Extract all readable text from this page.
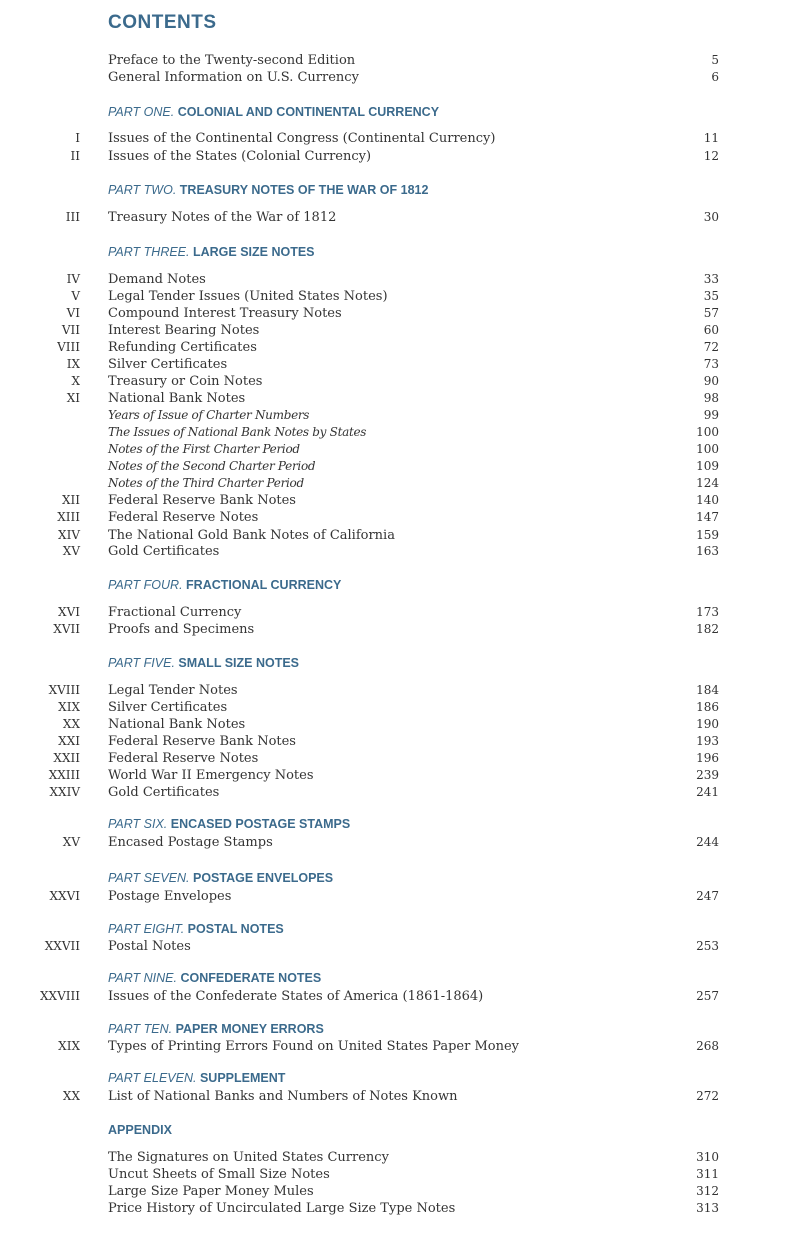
CONTENTS
Preface to the Twenty-second Edition	5
General Information on U.S. Currency	6
PART ONE. COLONIAL AND CONTINENTAL CURRENCY
I Issues of the Continental Congress (Continental Currency)	11
II Issues of the States (Colonial Currency)	12
PART TWO. TREASURY NOTES OF THE WAR OF 1812
III Treasury Notes of the War of 1812	30
PART THREE. LARGE SIZE NOTES
IV Demand Notes	33
V Legal Tender Issues (United States Notes)	35
VI Compound Interest Treasury Notes	57
VII Interest Bearing Notes	60
VIII Refunding Certificates	72
IX Silver Certificates	73
X Treasury or Coin Notes	90
XI National Bank Notes	98
Years of Issue of Charter Numbers	99
The Issues of National Bank Notes by States	100
Notes of the First Charter Period	100
Notes of the Second Charter Period	109
Notes of the Third Charter Period	124
XII Federal Reserve Bank Notes	140
XIII Federal Reserve Notes	147
XIV The National Gold Bank Notes of California	159
XV Gold Certificates	163
PART FOUR. FRACTIONAL CURRENCY
XVI Fractional Currency	173
XVII Proofs and Specimens	182
PART FIVE. SMALL SIZE NOTES
XVIII Legal Tender Notes	184
XIX Silver Certificates	186
XX National Bank Notes	190
XXI Federal Reserve Bank Notes	193
XXII Federal Reserve Notes	196
XXIII World War II Emergency Notes	239
XXIV Gold Certificates	241
PART SIX. ENCASED POSTAGE STAMPS
XV Encased Postage Stamps	244
PART SEVEN. POSTAGE ENVELOPES
XXVI Postage Envelopes	247
PART EIGHT. POSTAL NOTES
XXVII Postal Notes	253
PART NINE. CONFEDERATE NOTES
XXVIII Issues of the Confederate States of America (1861-1864)	257
PART TEN. PAPER MONEY ERRORS
XIX Types of Printing Errors Found on United States Paper Money	268
PART ELEVEN. SUPPLEMENT
XX List of National Banks and Numbers of Notes Known	272
APPENDIX
The Signatures on United States Currency	310
Uncut Sheets of Small Size Notes	311
Large Size Paper Money Mules	312
Price History of Uncirculated Large Size Type Notes	313
